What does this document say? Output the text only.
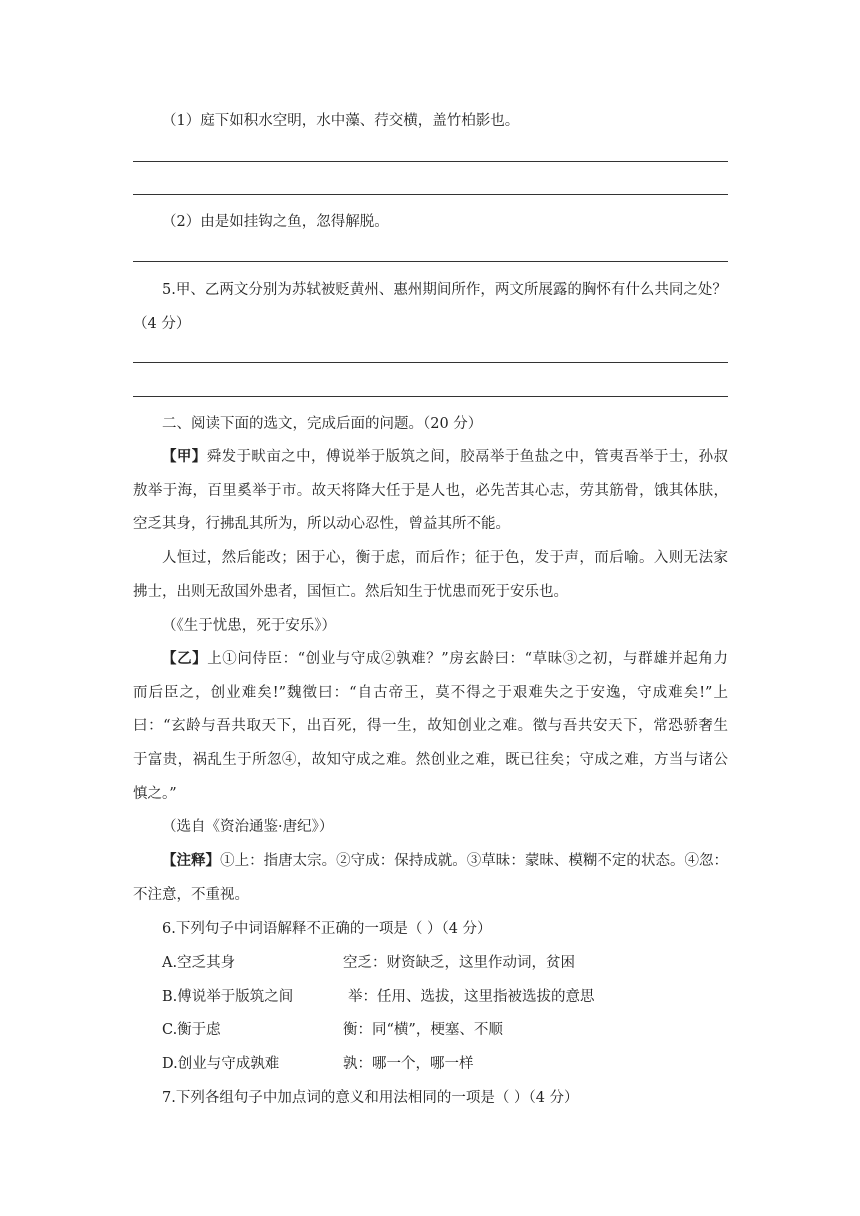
（1）庭下如积水空明，水中藻、荇交横，盖竹柏影也。
（2）由是如挂钩之鱼，忽得解脱。
5.甲、乙两文分别为苏轼被贬黄州、惠州期间所作，两文所展露的胸怀有什么共同之处？
（4 分）
二、阅读下面的选文，完成后面的问题。（20 分）
【甲】舜发于畎亩之中，傅说举于版筑之间，胶鬲举于鱼盐之中，管夷吾举于士，孙叔
敖举于海，百里奚举于市。故天将降大任于是人也，必先苦其心志，劳其筋骨，饿其体肤，
空乏其身，行拂乱其所为，所以动心忍性，曾益其所不能。
人恒过，然后能改；困于心，衡于虑，而后作；征于色，发于声，而后喻。入则无法家
拂士，出则无敌国外患者，国恒亡。然后知生于忧患而死于安乐也。
（《生于忧患，死于安乐》）
【乙】上①问侍臣：“创业与守成②孰难？”房玄龄曰：“草昧③之初，与群雄并起角力
而后臣之，创业难矣!”魏徵曰：“自古帝王，莫不得之于艰难失之于安逸，守成难矣!”上
曰：“玄龄与吾共取天下，出百死，得一生，故知创业之难。徵与吾共安天下，常恐骄奢生
于富贵，祸乱生于所忽④，故知守成之难。然创业之难，既已往矣；守成之难，方当与诸公
慎之。”
（选自《资治通鉴·唐纪》）
【注释】①上：指唐太宗。②守成：保持成就。③草昧：蒙昧、模糊不定的状态。④忽：
不注意，不重视。
6.下列句子中词语解释不正确的一项是（ ）（4 分）
A.空乏其身	空乏：财资缺乏，这里作动词，贫困
B.傅说举于版筑之间	举：任用、选拔，这里指被选拔的意思
C.衡于虑	衡：同“横”，梗塞、不顺
D.创业与守成孰难	孰：哪一个，哪一样
7.下列各组句子中加点词的意义和用法相同的一项是（ ）（4 分）
